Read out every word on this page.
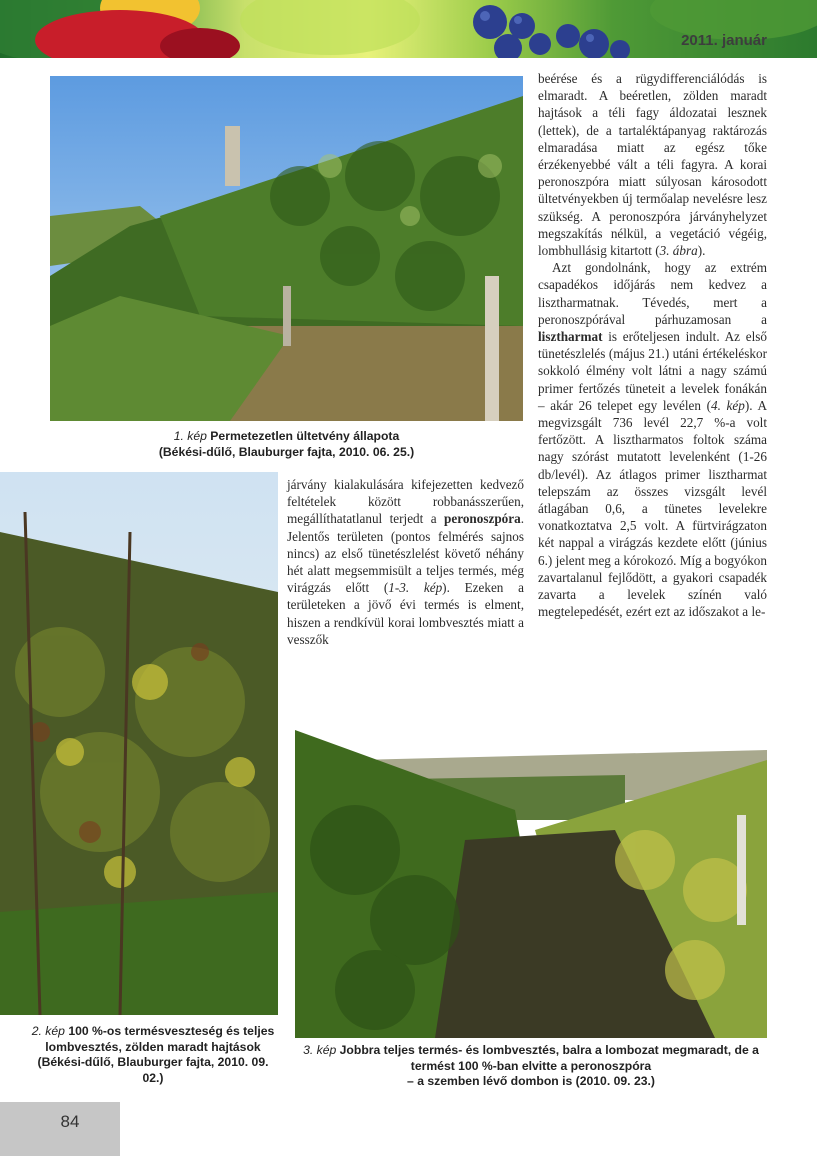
2011. január
1. kép Permetezetlen ültetvény állapota
(Békési-dűlő, Blauburger fajta, 2010. 06. 25.)
2. kép 100 %-os termésveszteség és teljes lombvesztés, zölden maradt hajtások (Békési-dűlő, Blauburger fajta, 2010. 09. 02.)
3. kép Jobbra teljes termés- és lombvesztés, balra a lombozat megmaradt, de a termést 100 %-ban elvitte a peronoszpóra
– a szemben lévő dombon is (2010. 09. 23.)

járvány kialakulására kifejezetten kedvező feltételek között robbanásszerűen, megállíthatatlanul terjedt a peronoszpóra. Jelentős területen (pontos felmérés sajnos nincs) az első tünetészlelést követő néhány hét alatt megsemmisült a teljes termés, még virágzás előtt (1-3. kép). Ezeken a területeken a jövő évi termés is elment, hiszen a rendkívül korai lombvesztés miatt a vesszők

beérése és a rügydifferenciálódás is elmaradt. A beéretlen, zölden maradt hajtások a téli fagy áldozatai lesznek (lettek), de a tartaléktápanyag raktározás elmaradása miatt az egész tőke érzékenyebbé vált a téli fagyra. A korai peronoszpóra miatt súlyosan károsodott ültetvényekben új termőalap nevelésre lesz szükség. A peronoszpóra járványhelyzet megszakítás nélkül, a vegetáció végéig, lombhullásig kitartott (3. ábra).

Azt gondolnánk, hogy az extrém csapadékos időjárás nem kedvez a lisztharmatnak. Tévedés, mert a peronoszpórával párhuzamosan a lisztharmat is erőteljesen indult. Az első tünetészlelés (május 21.) utáni értékeléskor sokkoló élmény volt látni a nagy számú primer fertőzés tüneteit a levelek fonákán – akár 26 telepet egy levélen (4. kép). A megvizsgált 736 levél 22,7 %-a volt fertőzött. A lisztharmatos foltok száma nagy szórást mutatott levelenként (1-26 db/levél). Az átlagos primer lisztharmat telepszám az összes vizsgált levél átlagában 0,6, a tünetes levelekre vonatkoztatva 2,5 volt. A fürtvirágzaton két nappal a virágzás kezdete előtt (június 6.) jelent meg a kórokozó. Míg a bogyókon zavartalanul fejlődött, a gyakori csapadék zavarta a levelek színén való megtelepedését, ezért ezt az időszakot a le-

84
